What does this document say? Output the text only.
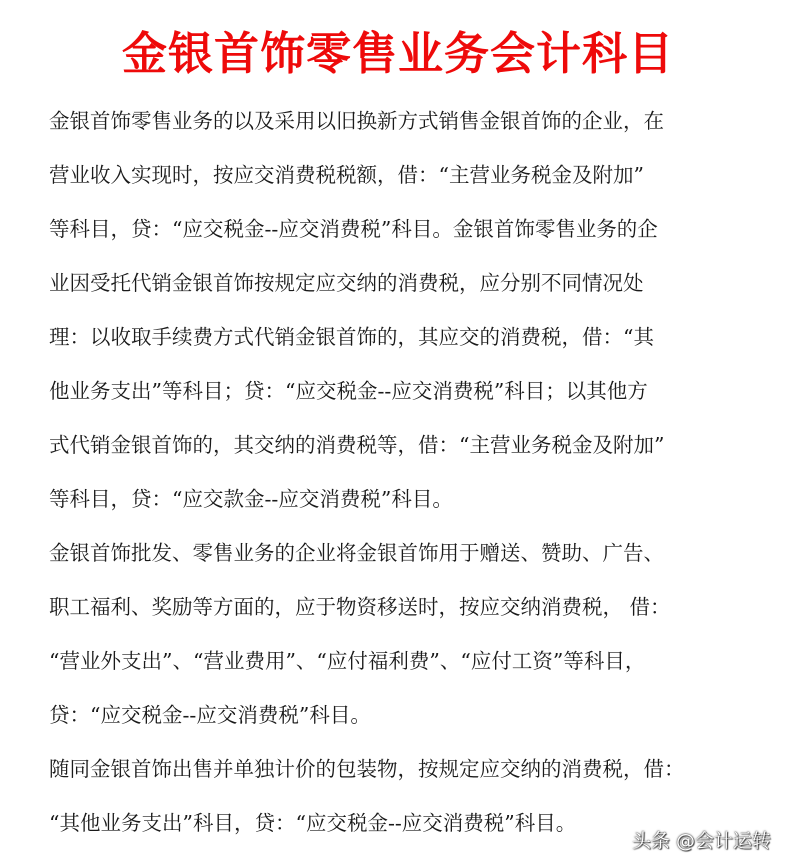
金银首饰零售业务会计科目
金银首饰零售业务的以及采用以旧换新方式销售金银首饰的企业，在
营业收入实现时，按应交消费税税额，借：“主营业务税金及附加”
等科目，贷：“应交税金--应交消费税”科目。金银首饰零售业务的企
业因受托代销金银首饰按规定应交纳的消费税，应分别不同情况处
理：以收取手续费方式代销金银首饰的，其应交的消费税，借：“其
他业务支出”等科目；贷：“应交税金--应交消费税”科目；以其他方
式代销金银首饰的，其交纳的消费税等，借：“主营业务税金及附加”
等科目，贷：“应交款金--应交消费税”科目。
金银首饰批发、零售业务的企业将金银首饰用于赠送、赞助、广告、
职工福利、奖励等方面的，应于物资移送时，按应交纳消费税， 借：
“营业外支出”、“营业费用”、“应付福利费”、“应付工资”等科目，
贷：“应交税金--应交消费税”科目。
随同金银首饰出售并单独计价的包装物，按规定应交纳的消费税，借：
“其他业务支出”科目，贷：“应交税金--应交消费税”科目。
头条 @会计运转
